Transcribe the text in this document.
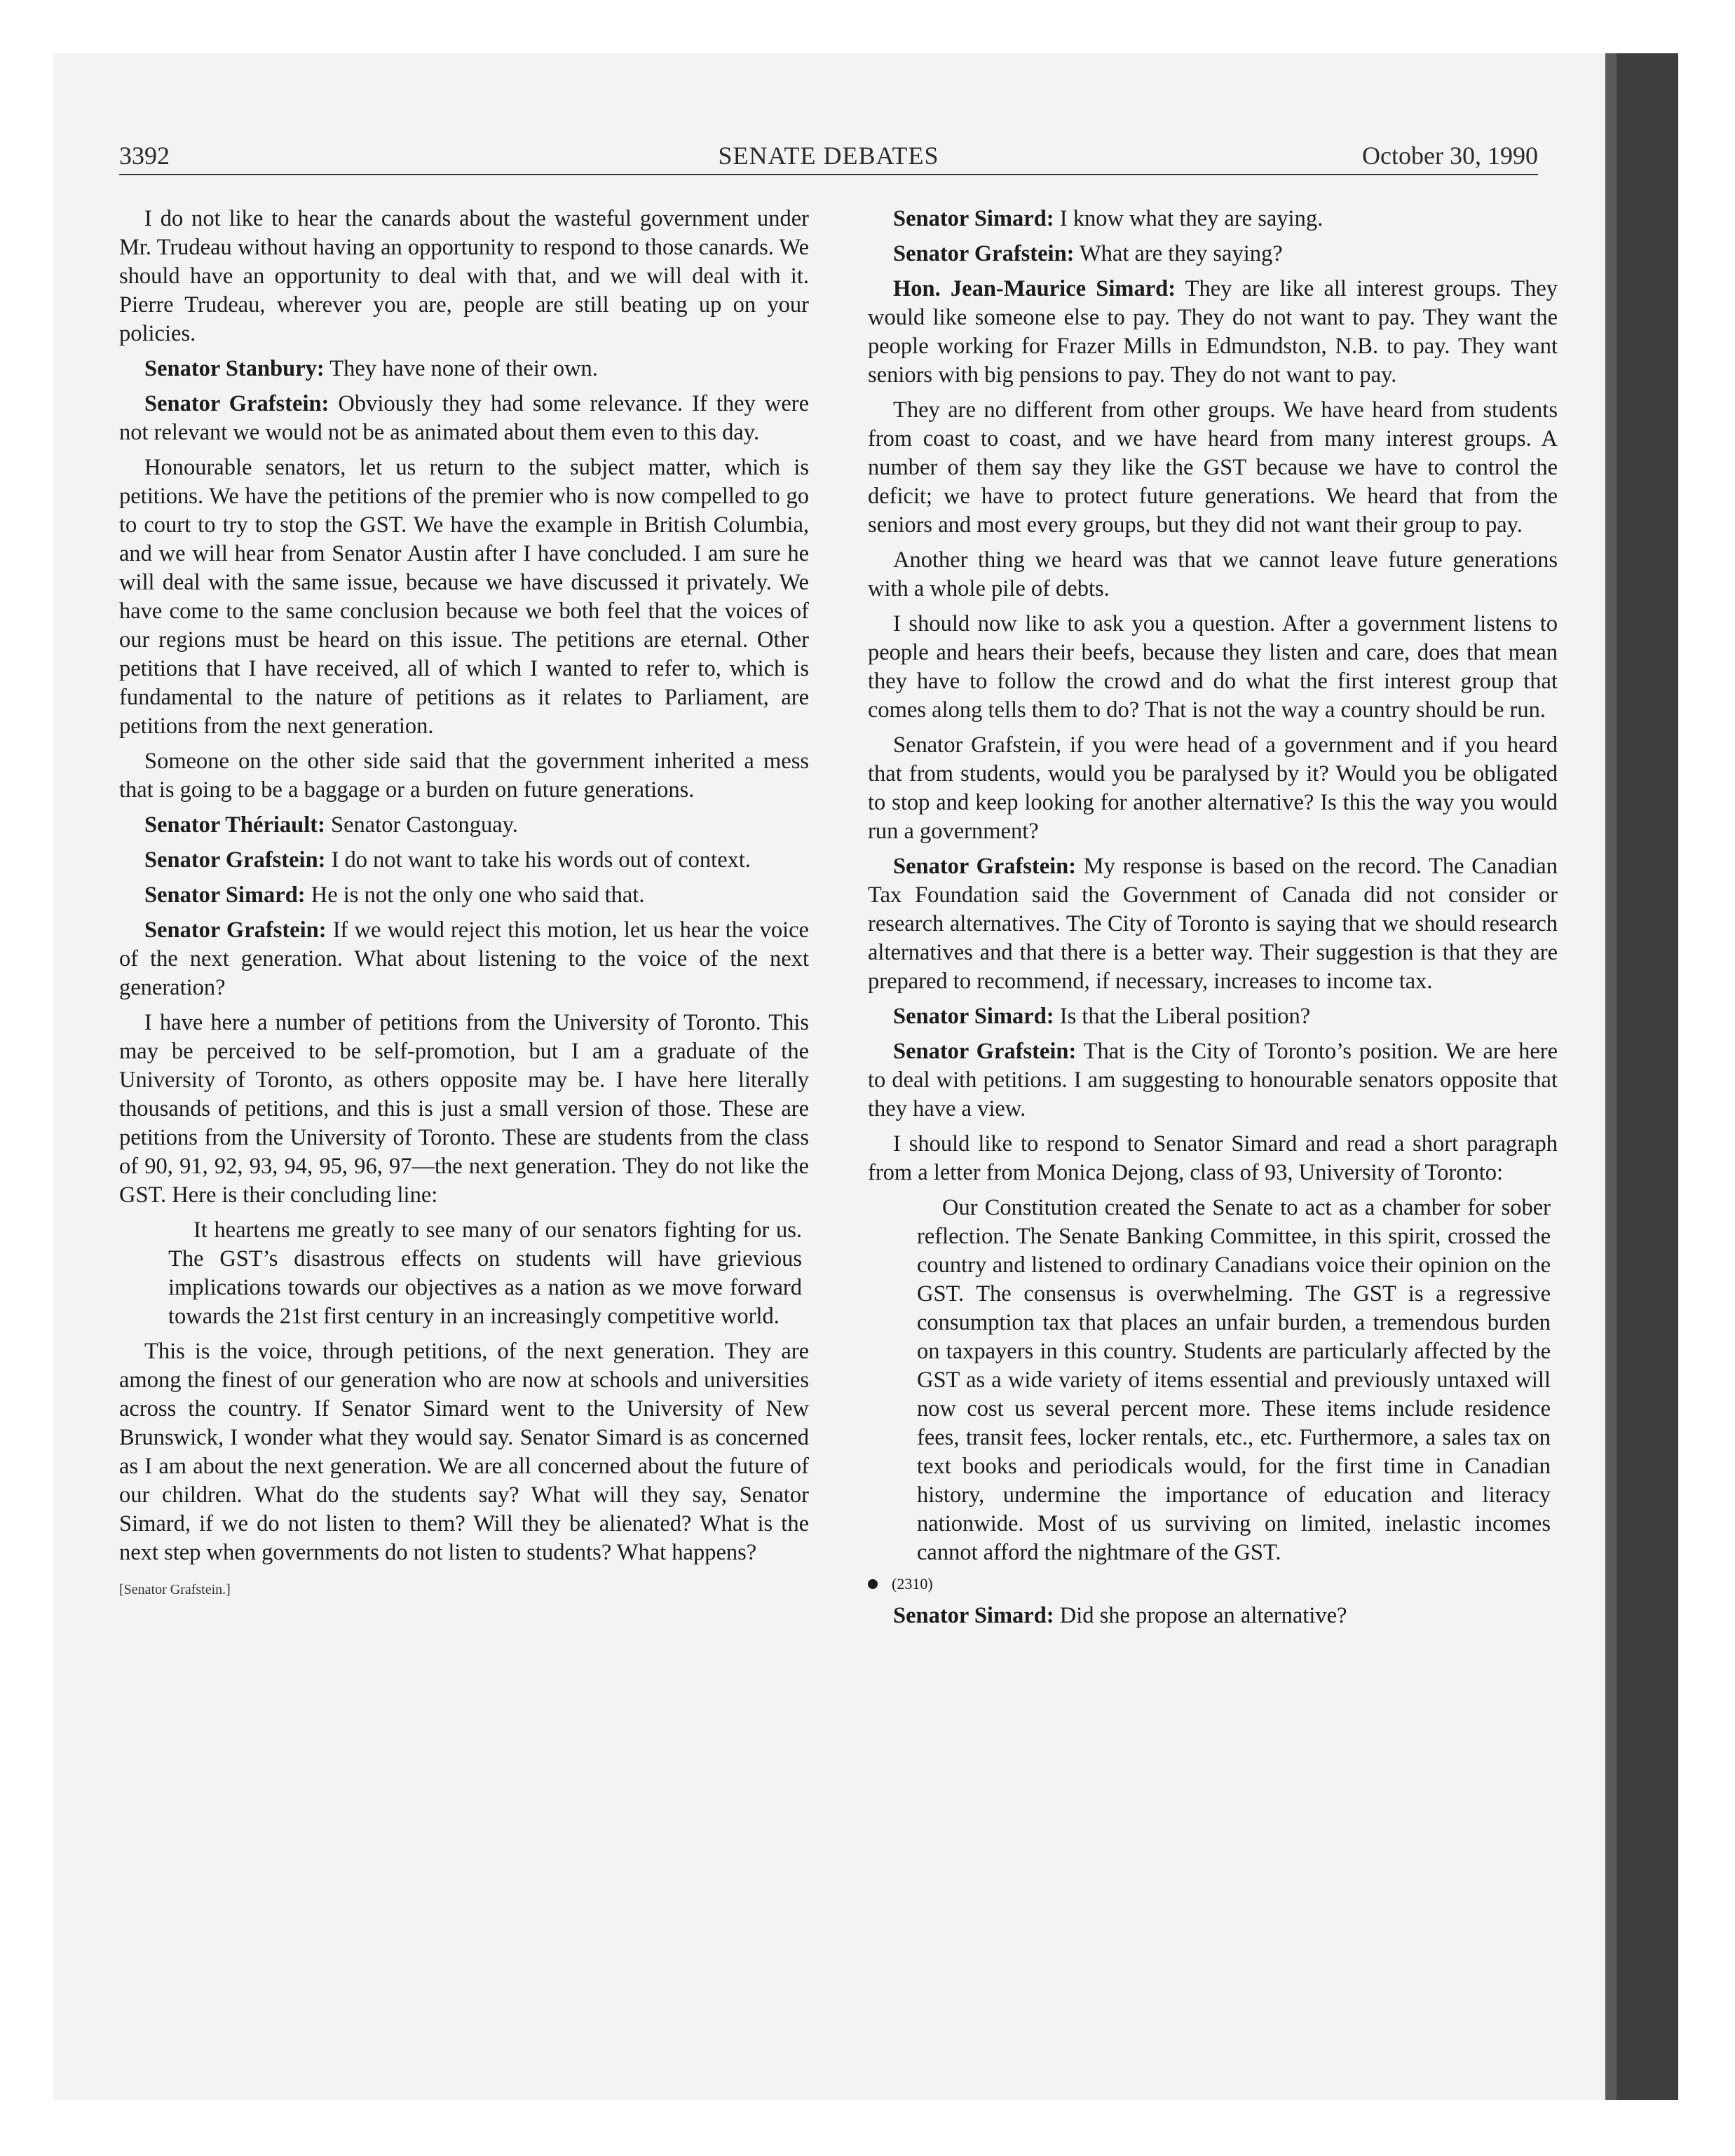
3392	SENATE DEBATES	October 30, 1990

I do not like to hear the canards about the wasteful government under Mr. Trudeau without having an opportunity to respond to those canards. We should have an opportunity to deal with that, and we will deal with it. Pierre Trudeau, wherever you are, people are still beating up on your policies.

Senator Stanbury: They have none of their own.

Senator Grafstein: Obviously they had some relevance. If they were not relevant we would not be as animated about them even to this day.

Honourable senators, let us return to the subject matter, which is petitions. We have the petitions of the premier who is now compelled to go to court to try to stop the GST. We have the example in British Columbia, and we will hear from Senator Austin after I have concluded. I am sure he will deal with the same issue, because we have discussed it privately. We have come to the same conclusion because we both feel that the voices of our regions must be heard on this issue. The petitions are eternal. Other petitions that I have received, all of which I wanted to refer to, which is fundamental to the nature of petitions as it relates to Parliament, are petitions from the next generation.

Someone on the other side said that the government inherited a mess that is going to be a baggage or a burden on future generations.

Senator Thériault: Senator Castonguay.

Senator Grafstein: I do not want to take his words out of context.

Senator Simard: He is not the only one who said that.

Senator Grafstein: If we would reject this motion, let us hear the voice of the next generation. What about listening to the voice of the next generation?

I have here a number of petitions from the University of Toronto. This may be perceived to be self-promotion, but I am a graduate of the University of Toronto, as others opposite may be. I have here literally thousands of petitions, and this is just a small version of those. These are petitions from the University of Toronto. These are students from the class of 90, 91, 92, 93, 94, 95, 96, 97—the next generation. They do not like the GST. Here is their concluding line:

It heartens me greatly to see many of our senators fighting for us. The GST’s disastrous effects on students will have grievious implications towards our objectives as a nation as we move forward towards the 21st first century in an increasingly competitive world.

This is the voice, through petitions, of the next generation. They are among the finest of our generation who are now at schools and universities across the country. If Senator Simard went to the University of New Brunswick, I wonder what they would say. Senator Simard is as concerned as I am about the next generation. We are all concerned about the future of our children. What do the students say? What will they say, Senator Simard, if we do not listen to them? Will they be alienated? What is the next step when governments do not listen to students? What happens?

[Senator Grafstein.]

Senator Simard: I know what they are saying.

Senator Grafstein: What are they saying?

Hon. Jean-Maurice Simard: They are like all interest groups. They would like someone else to pay. They do not want to pay. They want the people working for Frazer Mills in Edmundston, N.B. to pay. They want seniors with big pensions to pay. They do not want to pay.

They are no different from other groups. We have heard from students from coast to coast, and we have heard from many interest groups. A number of them say they like the GST because we have to control the deficit; we have to protect future generations. We heard that from the seniors and most every groups, but they did not want their group to pay.

Another thing we heard was that we cannot leave future generations with a whole pile of debts.

I should now like to ask you a question. After a government listens to people and hears their beefs, because they listen and care, does that mean they have to follow the crowd and do what the first interest group that comes along tells them to do? That is not the way a country should be run.

Senator Grafstein, if you were head of a government and if you heard that from students, would you be paralysed by it? Would you be obligated to stop and keep looking for another alternative? Is this the way you would run a government?

Senator Grafstein: My response is based on the record. The Canadian Tax Foundation said the Government of Canada did not consider or research alternatives. The City of Toronto is saying that we should research alternatives and that there is a better way. Their suggestion is that they are prepared to recommend, if necessary, increases to income tax.

Senator Simard: Is that the Liberal position?

Senator Grafstein: That is the City of Toronto’s position. We are here to deal with petitions. I am suggesting to honourable senators opposite that they have a view.

I should like to respond to Senator Simard and read a short paragraph from a letter from Monica Dejong, class of 93, University of Toronto:

Our Constitution created the Senate to act as a chamber for sober reflection. The Senate Banking Committee, in this spirit, crossed the country and listened to ordinary Canadians voice their opinion on the GST. The consensus is overwhelming. The GST is a regressive consumption tax that places an unfair burden, a tremendous burden on taxpayers in this country. Students are particularly affected by the GST as a wide variety of items essential and previously untaxed will now cost us several percent more. These items include residence fees, transit fees, locker rentals, etc., etc. Furthermore, a sales tax on text books and periodicals would, for the first time in Canadian history, undermine the importance of education and literacy nationwide. Most of us surviving on limited, inelastic incomes cannot afford the nightmare of the GST.

(2310)

Senator Simard: Did she propose an alternative?
